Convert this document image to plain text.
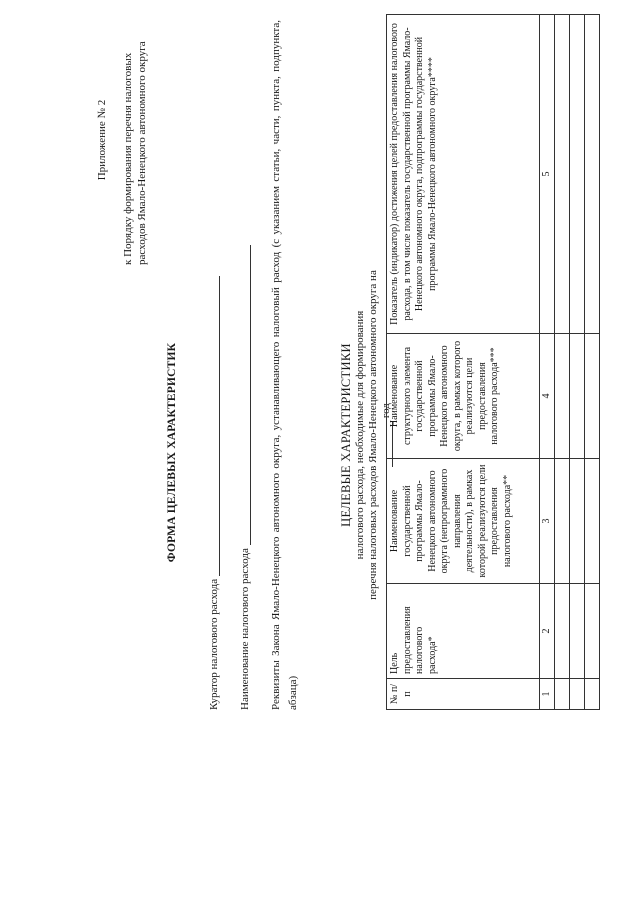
Приложение № 2 к Порядку формирования перечня налоговых расходов Ямало-Ненецкого автономного округа
ФОРМА ЦЕЛЕВЫХ ХАРАКТЕРИСТИК
Куратор налогового расхода Наименование налогового расхода Реквизиты Закона Ямало-Ненецкого автономного округа, устанавливающего налоговый расход (с указанием статьи, части, пункта, подпункта, абзаца)
ЦЕЛЕВЫЕ ХАРАКТЕРИСТИКИ налогового расхода, необходимые для формирования перечня налоговых расходов Ямало-Ненецкого автономного округа на  год
№ п/п	Цель предоставления налогового расхода*	Наименование государственной программы Ямало-Ненецкого автономного округа (непрограммного направления деятельности), в рамках которой реализуются цели предоставления налогового расхода**	Наименование структурного элемента государственной программы Ямало-Ненецкого автономного округа, в рамках которого реализуются цели предоставления налогового расхода***	Показатель (индикатор) достижения целей предоставления налогового расхода, в том числе показатель государственной программы Ямало-Ненецкого автономного округа, подпрограммы государственной программы Ямало-Ненецкого автономного округа****
1	2	3	4	5
